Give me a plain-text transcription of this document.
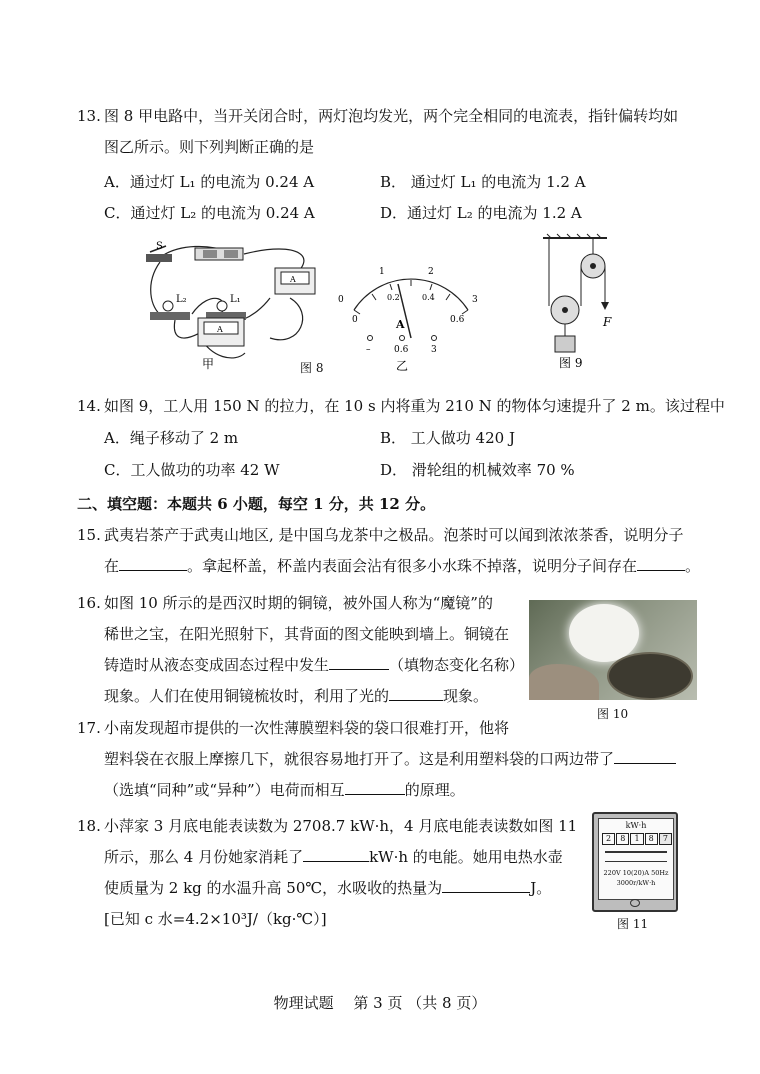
13. 图 8 甲电路中，当开关闭合时，两灯泡均发光，两个完全相同的电流表，指针偏转均如
图乙所示。则下列判断正确的是
A．通过灯 L₁ 的电流为 0.24 A	B． 通过灯 L₁ 的电流为 1.2 A
C．通过灯 L₂ 的电流为 0.24 A	D．通过灯 L₂ 的电流为 1.2 A
S
L₂	L₁
A
A
甲	图 8
0
1	2
3
0
0.2	0.4
0.6
A
–	0.6	3
乙
F
图 9
14. 如图 9，工人用 150 N 的拉力，在 10 s 内将重为 210 N 的物体匀速提升了 2 m。该过程中
A．绳子移动了 2 m	B． 工人做功 420 J
C．工人做功的功率 42 W	D． 滑轮组的机械效率 70 %
二、填空题：本题共 6 小题，每空 1 分，共 12 分。
15. 武夷岩茶产于武夷山地区, 是中国乌龙茶中之极品。泡茶时可以闻到浓浓茶香，说明分子
在	。拿起杯盖，杯盖内表面会沾有很多小水珠不掉落，说明分子间存在	。
16. 如图 10 所示的是西汉时期的铜镜，被外国人称为“魔镜”的
稀世之宝，在阳光照射下，其背面的图文能映到墙上。铜镜在
铸造时从液态变成固态过程中发生	（填物态变化名称）
现象。人们在使用铜镜梳妆时，利用了光的	现象。
图 10
17. 小南发现超市提供的一次性薄膜塑料袋的袋口很难打开，他将
塑料袋在衣服上摩擦几下，就很容易地打开了。这是利用塑料袋的口两边带了
（选填“同种”或“异种”）电荷而相互	的原理。
18. 小萍家 3 月底电能表读数为 2708.7 kW·h，4 月底电能表读数如图 11
所示，那么 4 月份她家消耗了	kW·h 的电能。她用电热水壶
使质量为 2 kg 的水温升高 50℃，水吸收的热量为	J。
[已知 c 水=4.2×10³J/（kg·℃）]
kW·h
2	8	1	8	7
220V 10(20)A 50Hz
3000r/kW·h
图 11
物理试题　 第 3 页 （共 8 页）
